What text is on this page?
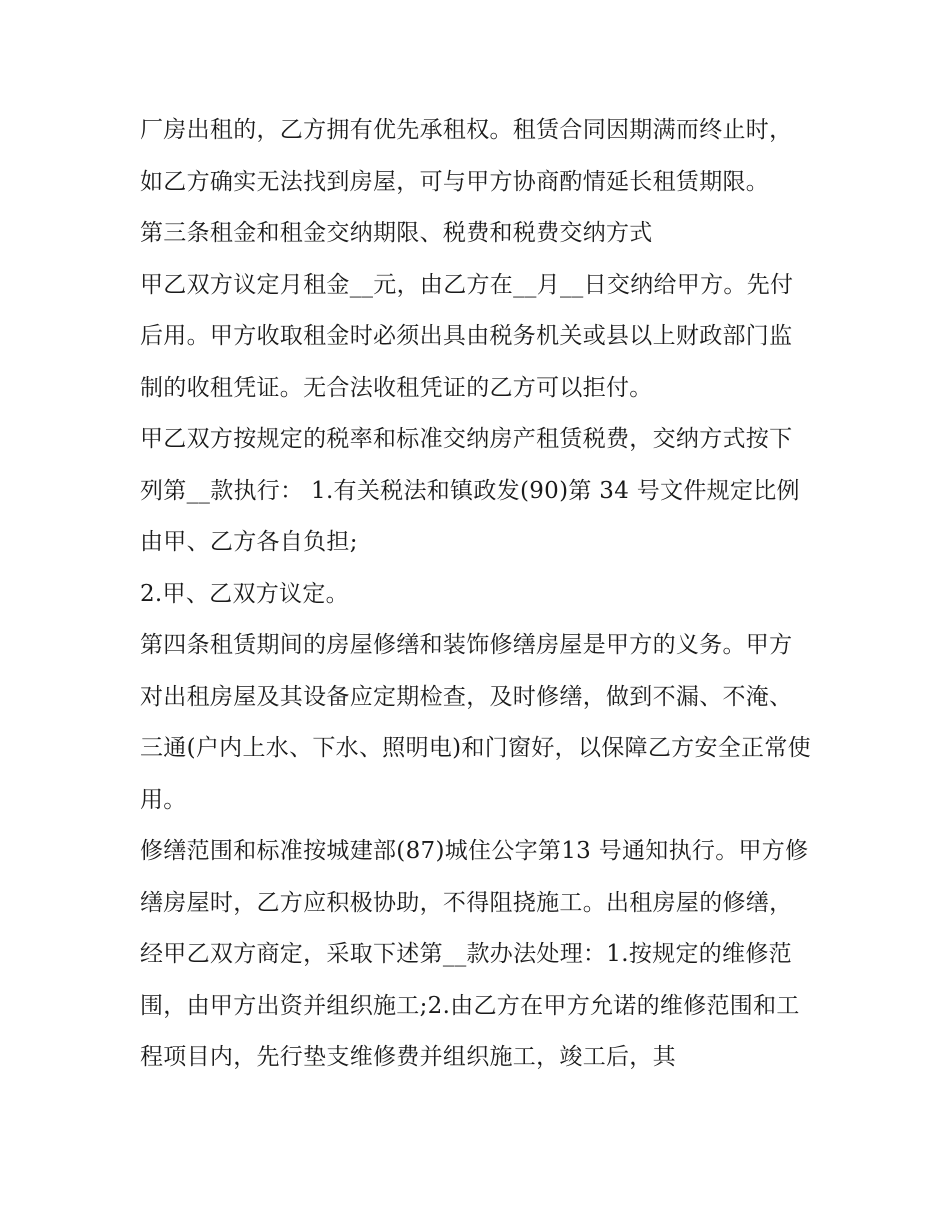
厂房出租的，乙方拥有优先承租权。租赁合同因期满而终止时，如乙方确实无法找到房屋，可与甲方协商酌情延长租赁期限。

第三条租金和租金交纳期限、税费和税费交纳方式

甲乙双方议定月租金__元，由乙方在__月__日交纳给甲方。先付后用。甲方收取租金时必须出具由税务机关或县以上财政部门监制的收租凭证。无合法收租凭证的乙方可以拒付。

甲乙双方按规定的税率和标准交纳房产租赁税费，交纳方式按下列第__款执行： 1.有关税法和镇政发(90)第 34 号文件规定比例由甲、乙方各自负担;

2.甲、乙双方议定。

第四条租赁期间的房屋修缮和装饰修缮房屋是甲方的义务。甲方对出租房屋及其设备应定期检查，及时修缮，做到不漏、不淹、三通(户内上水、下水、照明电)和门窗好，以保障乙方安全正常使用。

修缮范围和标准按城建部(87)城住公字第13 号通知执行。甲方修缮房屋时，乙方应积极协助，不得阻挠施工。出租房屋的修缮，经甲乙双方商定，采取下述第__款办法处理：1.按规定的维修范围，由甲方出资并组织施工;2.由乙方在甲方允诺的维修范围和工程项目内，先行垫支维修费并组织施工，竣工后，其
